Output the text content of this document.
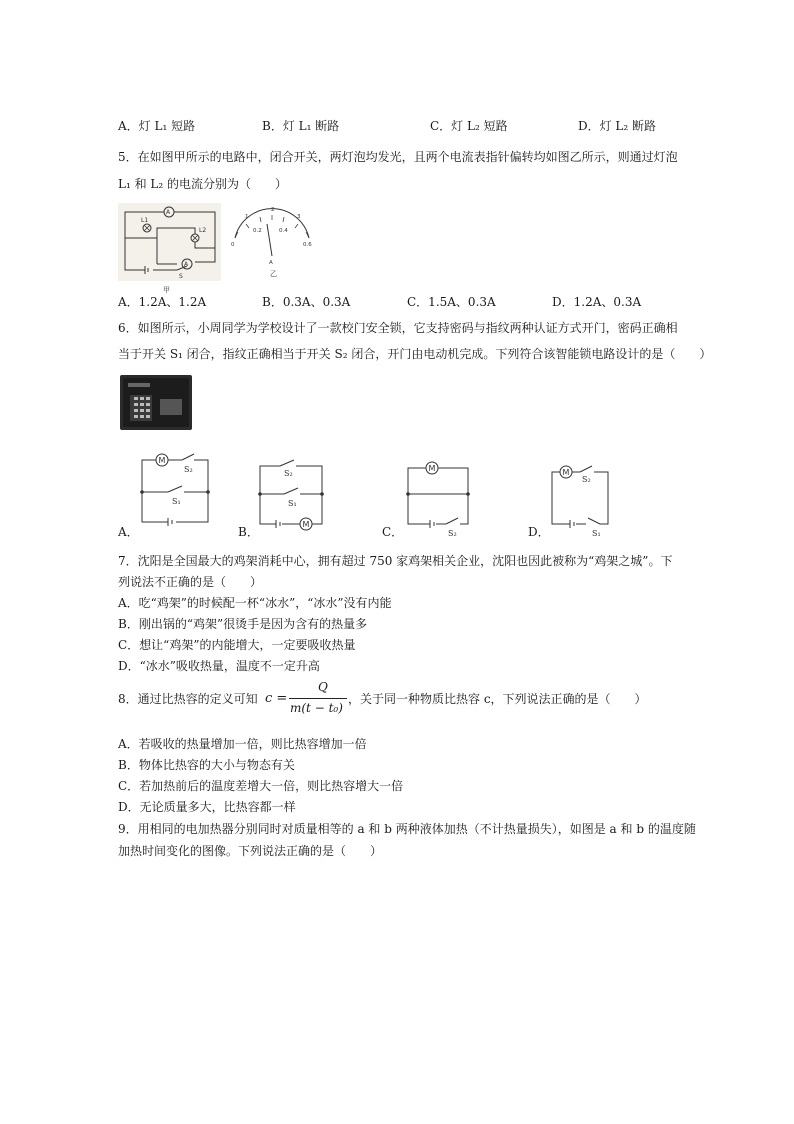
A．灯 L₁ 短路	B．灯 L₁ 断路	C．灯 L₂ 短路	D．灯 L₂ 断路
5．在如图甲所示的电路中，闭合开关，两灯泡均发光，且两个电流表指针偏转均如图乙所示，则通过灯泡
L₁ 和 L₂ 的电流分别为（　　）
A
A
L1
L2
S
甲
0
0.2	0.4
0.6
1
2
3
A
乙
A．1.2A、1.2A	B．0.3A、0.3A	C．1.5A、0.3A	D．1.2A、0.3A
6．如图所示，小周同学为学校设计了一款校门安全锁，它支持密码与指纹两种认证方式开门，密码正确相
当于开关 S₁ 闭合，指纹正确相当于开关 S₂ 闭合，开门由电动机完成。下列符合该智能锁电路设计的是（　　）
M
S₂
S₁
A．
S₂
S₁
M
B．
M
S₂
C．
M
S₂
S₁
D．
7．沈阳是全国最大的鸡架消耗中心，拥有超过 750 家鸡架相关企业，沈阳也因此被称为“鸡架之城”。下
列说法不正确的是（　　）
A．吃“鸡架”的时候配一杯“冰水”，“冰水”没有内能
B．刚出锅的“鸡架”很烫手是因为含有的热量多
C．想让“鸡架”的内能增大，一定要吸收热量
D．“冰水”吸收热量，温度不一定升高
8．通过比热容的定义可知 c =
Q
m(t − t₀)
，关于同一种物质比热容 c，下列说法正确的是（　　）
A．若吸收的热量增加一倍，则比热容增加一倍
B．物体比热容的大小与物态有关
C．若加热前后的温度差增大一倍，则比热容增大一倍
D．无论质量多大，比热容都一样
9．用相同的电加热器分别同时对质量相等的 a 和 b 两种液体加热（不计热量损失），如图是 a 和 b 的温度随
加热时间变化的图像。下列说法正确的是（　　）
